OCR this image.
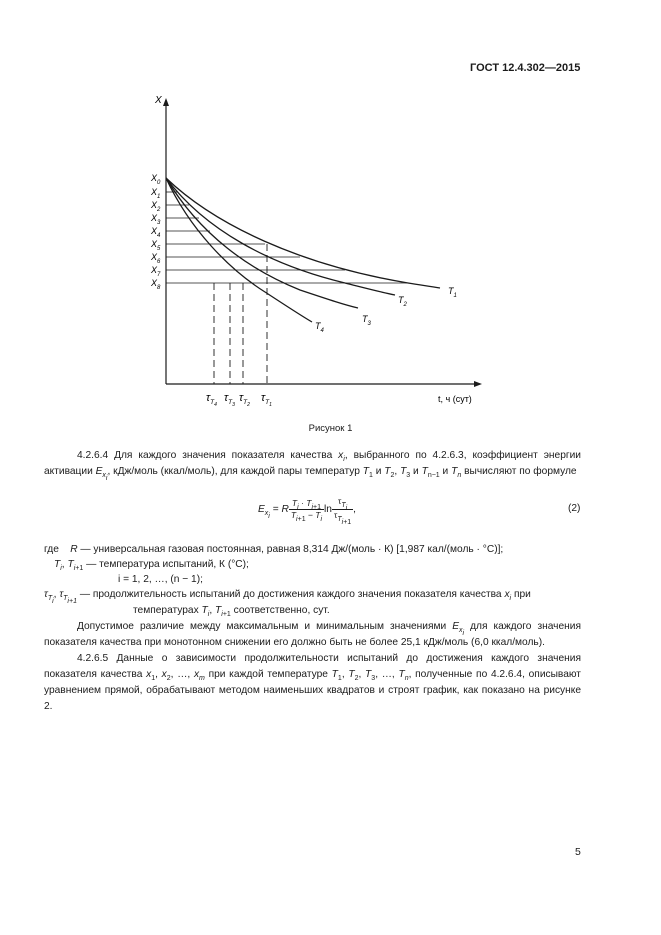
ГОСТ 12.4.302—2015
X
t, ч (сут)
$T_1$
$T_2$
$T_3$
$T_4$
$X_0$
$X_1$
$X_2$
$X_3$
$X_4$
$X_5$
$X_6$
$X_7$
$X_8$
$\tau_{T_4}$
$\tau_{T_3}$
$\tau_{T_2}$
$\tau_{T_1}$
Рисунок 1
4.2.6.4 Для каждого значения показателя качества $x_i$, выбранного по 4.2.6.3, коэффициент энергии активации $E_{x_i}$, кДж/моль (ккал/моль), для каждой пары температур $T_1$ и $T_2$, $T_3$ и $T_{n-1}$ и $T_n$ вычисляют по формуле
$E_{x_i} = R \frac{T_i \cdot T_{i+1}}{T_{i+1} - T_i}$ $\ln \frac{\tau_{T_i}}{\tau_{T_{i+1}}}$ ,	(2)
где R — универсальная газовая постоянная, равная 8,314 Дж/(моль · К) [1,987 кал/(моль · °С)];
$T_i$, $T_{i+1}$ — температура испытаний, К (°С);
i = 1, 2, …, (n − 1);
$\tau_{T_i}$, $\tau_{T_{i+1}}$ — продолжительность испытаний до достижения каждого значения показателя качества $x_i$ при
температурах $T_i$, $T_{i+1}$ соответственно, сут.
Допустимое различие между максимальным и минимальным значениями $E_{x_i}$ для каждого значения показателя качества при монотонном снижении его должно быть не более 25,1 кДж/моль (6,0 ккал/моль).
4.2.6.5 Данные о зависимости продолжительности испытаний до достижения каждого значения показателя качества $x_1$, $x_2$, …, $x_m$ при каждой температуре $T_1$, $T_2$, $T_3$, …, $T_n$, полученные по 4.2.6.4, описывают уравнением прямой, обрабатывают методом наименьших квадратов и строят график, как показано на рисунке 2.
5
